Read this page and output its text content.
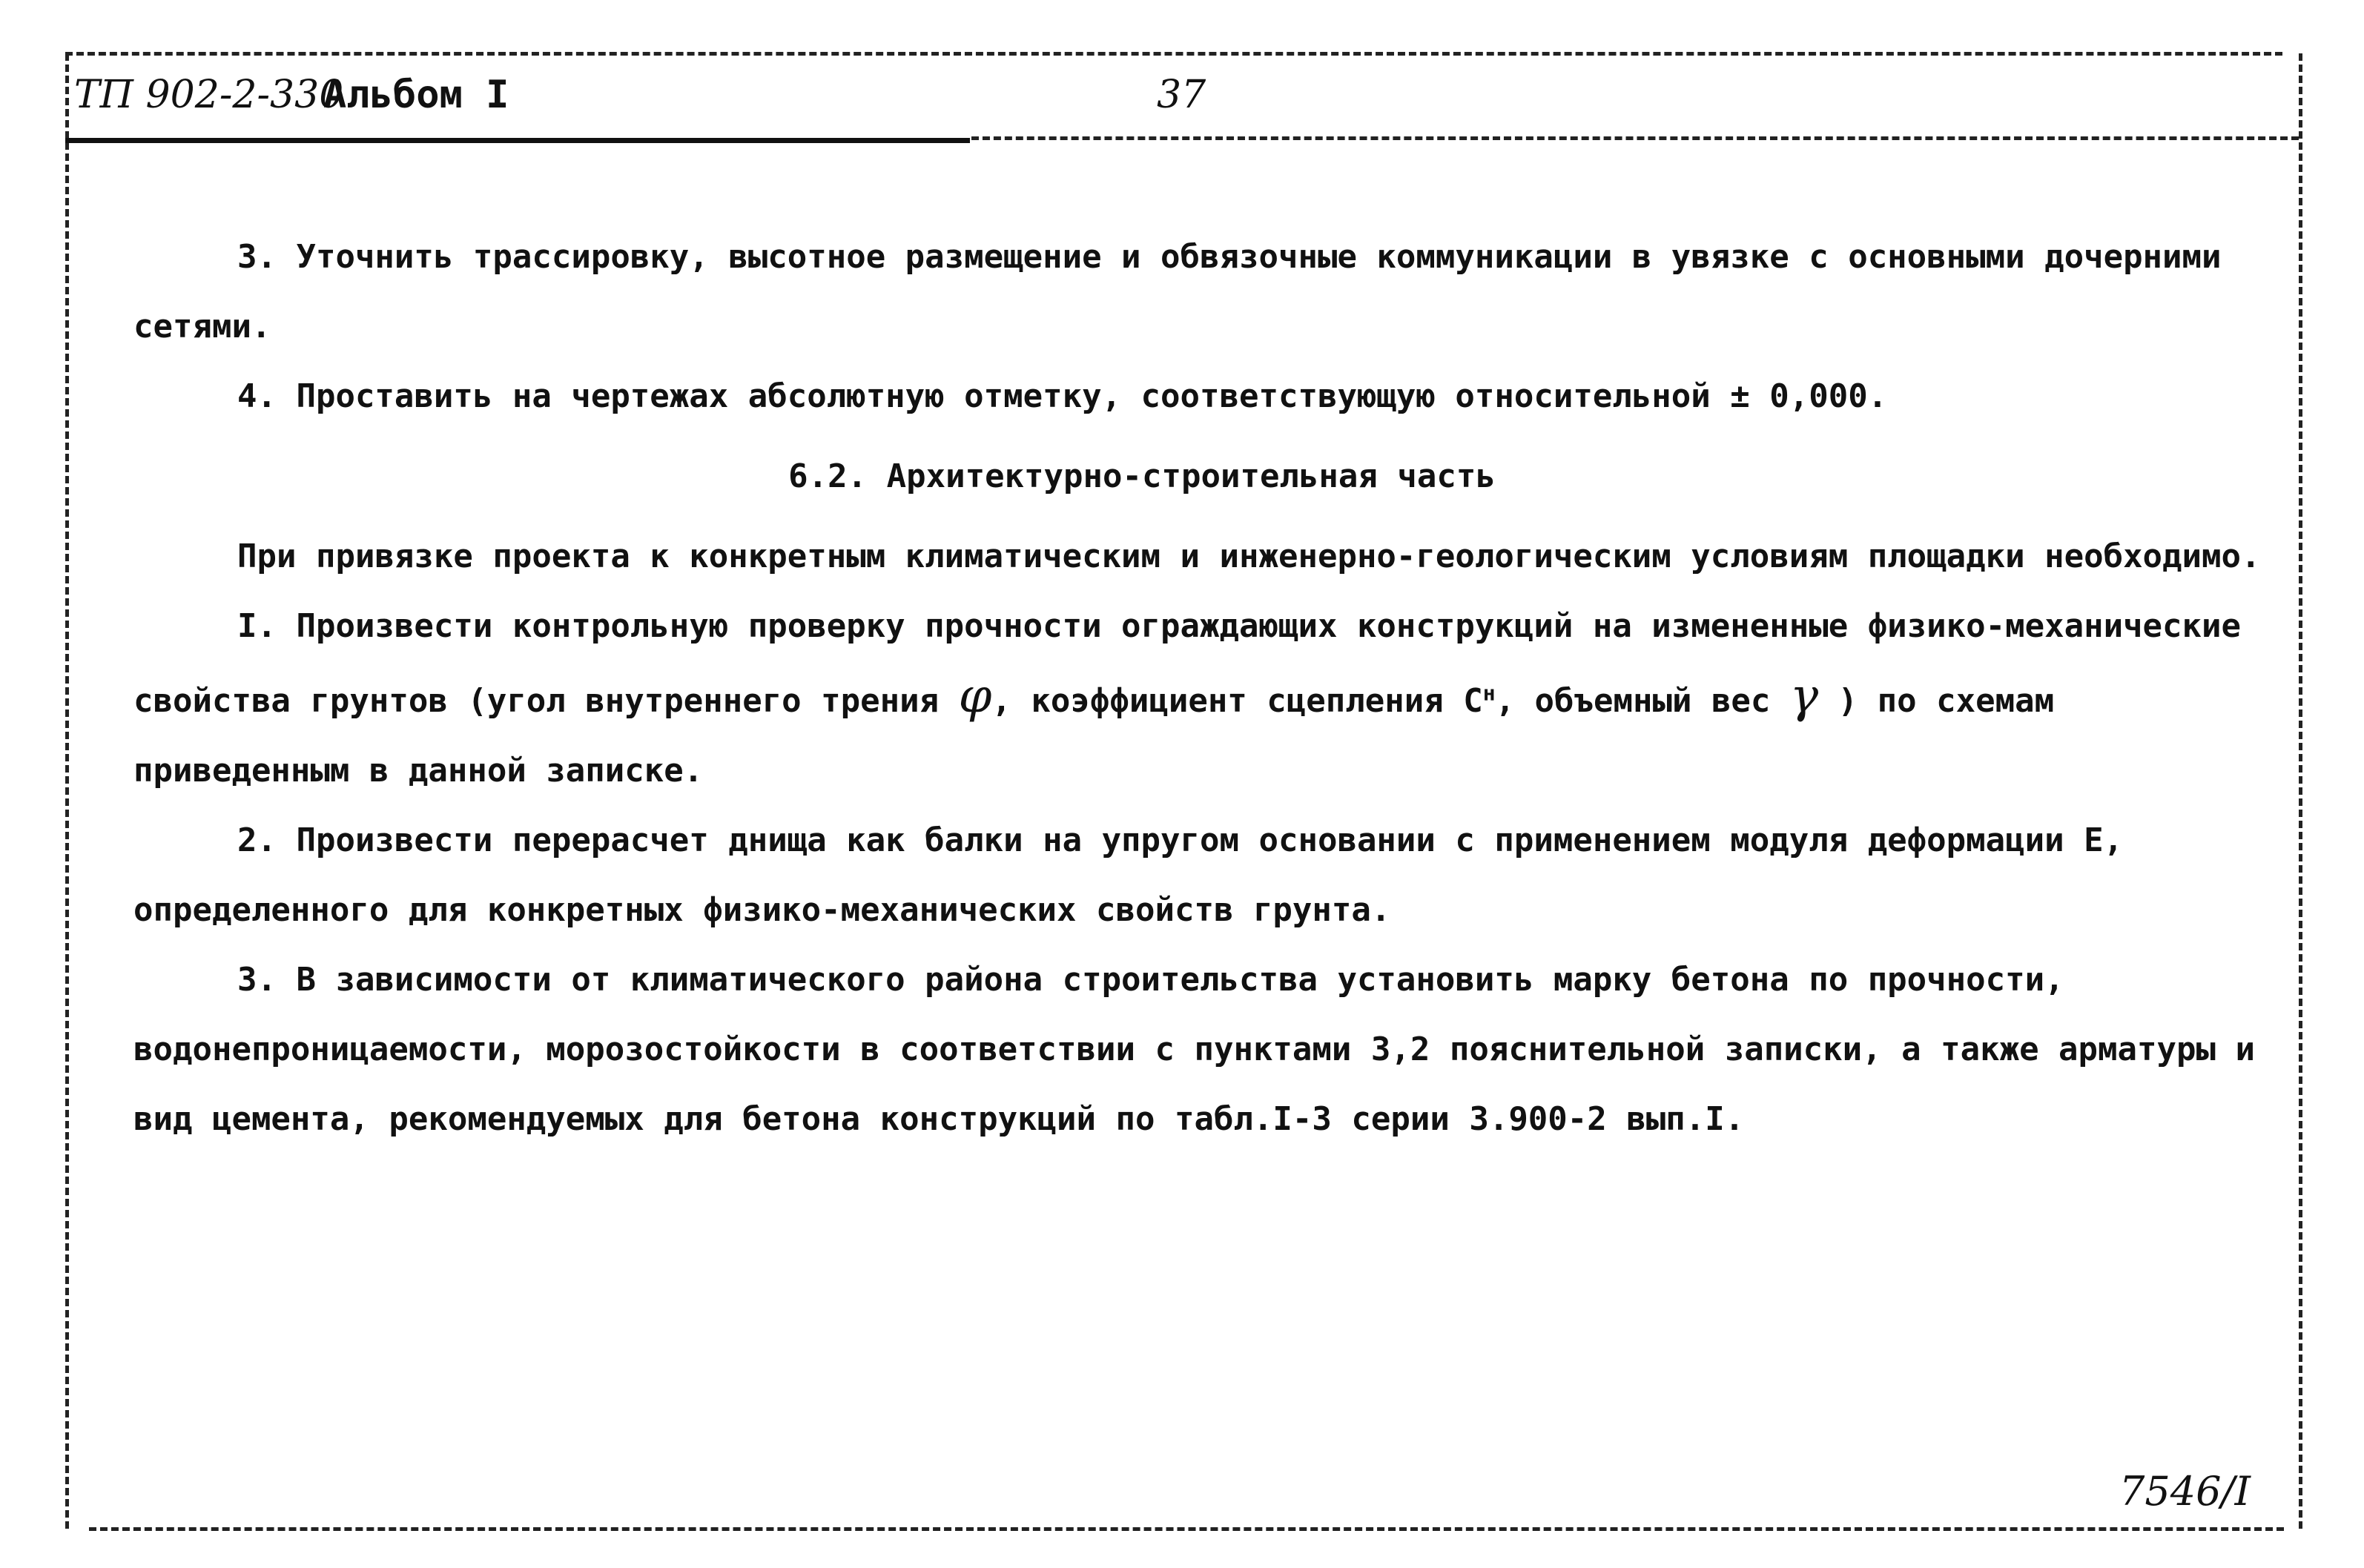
ТП 902-2-330
Альбом I	37

3. Уточнить трассировку, высотное размещение и обвязочные коммуникации в увязке с основными дочерними сетями.

4. Проставить на чертежах абсолютную отметку, соответствующую относительной ± 0,000.

6.2. Архитектурно-строительная часть

При привязке проекта к конкретным климатическим и инженерно-геологическим условиям площадки необходимо.

I. Произвести контрольную проверку прочности ограждающих конструкций на измененные физико-механические свойства грунтов (угол внутреннего трения φ, коэффициент сцепления $C^н$, объемный вес γ ) по схемам приведенным в данной записке.

2. Произвести перерасчет днища как балки на упругом основании с применением модуля деформации E, определенного для конкретных физико-механических свойств грунта.

3. В зависимости от климатического района строительства установить марку бетона по прочности, водонепроницаемости, морозостойкости в соответствии с пунктами 3,2 пояснительной записки, а также арматуры и вид цемента, рекомендуемых для бетона конструкций по табл.I-3 серии 3.900-2 вып.I.

7546/I
